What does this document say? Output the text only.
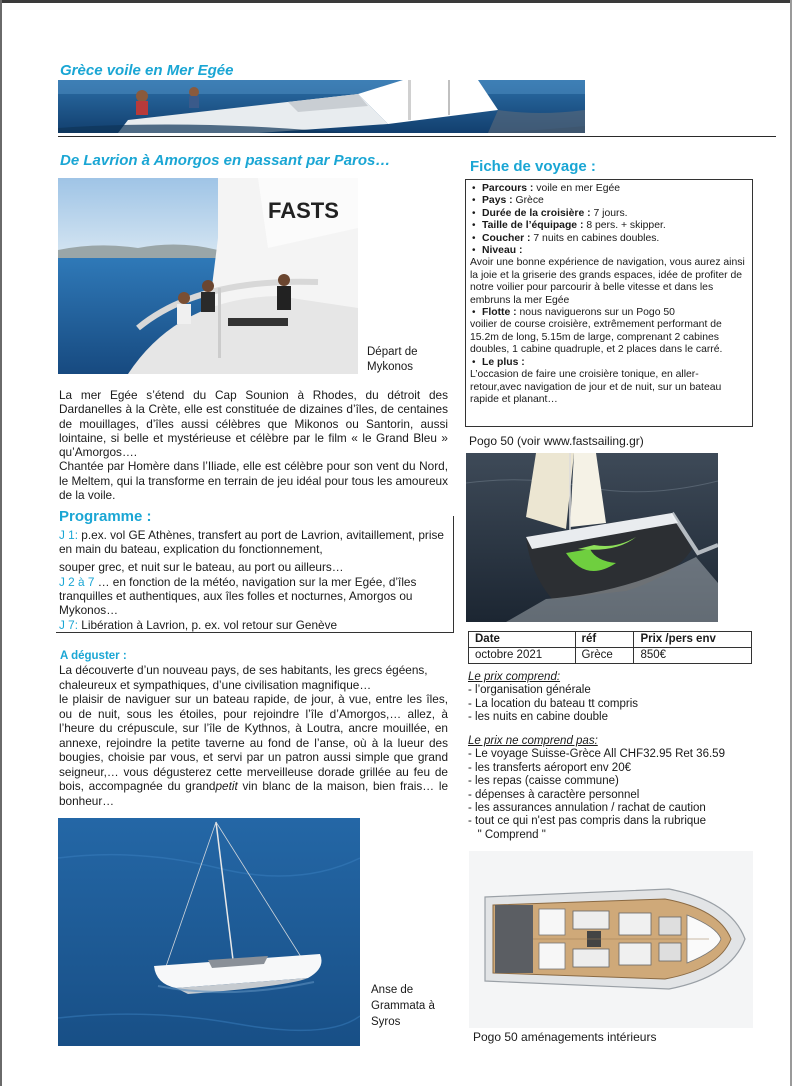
Grèce voile en Mer Egée
De Lavrion à Amorgos en passant par Paros…
FASTS
Départ de Mykonos

La mer Egée s’étend du Cap Sounion à Rhodes, du détroit des Dardanelles à la Crète, elle est constituée de dizaines d’îles, de centaines de mouillages, d’îles aussi célèbres que Mikonos ou Santorin, aussi lointaine, si belle et mystérieuse et célèbre par le film « le Grand Bleu » qu’Amorgos….

Chantée par Homère dans l’Iliade, elle est célèbre pour son vent du Nord, le Meltem, qui la transforme en terrain de jeu idéal pour tous les amoureux de la voile.

Programme :
J 1: p.ex. vol GE Athènes, transfert au port de Lavrion, avitaillement, prise en main du bateau, explication du fonctionnement,
souper grec, et nuit sur le bateau, au port ou ailleurs…
J 2 à 7 … en fonction de la météo, navigation sur la mer Egée, d’îles tranquilles et authentiques, aux îles folles et nocturnes, Amorgos ou Mykonos…
J 7: Libération à Lavrion, p. ex. vol retour sur Genève
A déguster :

La découverte d’un nouveau pays, de ses habitants, les grecs égéens, chaleureux et sympathiques, d’une civilisation magnifique…

le plaisir de naviguer sur un bateau rapide, de jour, à vue, entre les îles, ou de nuit, sous les étoiles, pour rejoindre l’île d’Amorgos,… allez, à l’heure du crépuscule, sur l’île de Kythnos, à Loutra, ancre mouillée, en annexe, rejoindre la petite taverne au fond de l’anse, où à la lueur des bougies, choisie par vous, et servi par un patron aussi simple que grand seigneur,… vous dégusterez cette merveilleuse dorade grillée au feu de bois, accompagnée du grandpetit vin blanc de la maison, bien frais… le bonheur…

Anse de Grammata à Syros
Fiche de voyage :
• Parcours : voile en mer Egée
• Pays : Grèce
• Durée de la croisière : 7 jours.
• Taille de l’équipage : 8 pers. + skipper.
• Coucher : 7 nuits en cabines doubles.
• Niveau :
Avoir une bonne expérience de navigation, vous aurez ainsi la joie et la griserie des grands espaces, idée de profiter de notre voilier pour parcourir à belle vitesse et dans les embruns la mer Egée
• Flotte : nous naviguerons sur un Pogo 50
voilier de course croisière, extrêmement performant de 15.2m de long, 5.15m de large, comprenant 2 cabines doubles, 1 cabine quadruple, et 2 places dans le carré.
• Le plus :
L’occasion de faire une croisière tonique, en aller-retour,avec navigation de jour et de nuit, sur un bateau rapide et planant…
Pogo 50 (voir www.fastsailing.gr)
Date	réf	Prix /pers env
octobre 2021	Grèce	850€
Le prix comprend:
- l’organisation générale
- La location du bateau tt compris
- les nuits en cabine double
Le prix ne comprend pas:
- Le voyage Suisse-Grèce All CHF32.95 Ret 36.59
- les transferts aéroport env 20€
- les repas (caisse commune)
- dépenses à caractère personnel
- les assurances annulation / rachat de caution
- tout ce qui n'est pas compris dans la rubrique
" Comprend "
Pogo 50 aménagements intérieurs
